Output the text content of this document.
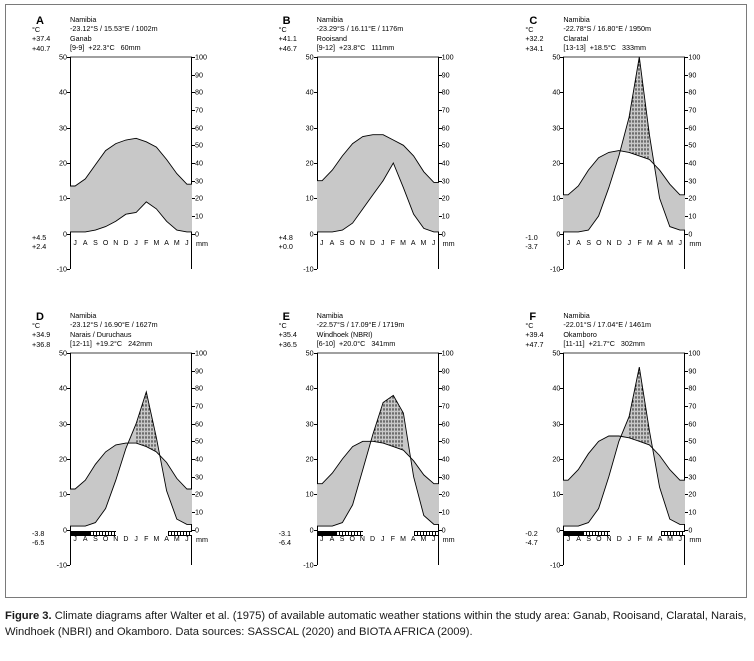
A	Namibia
-23.12°S / 15.53°E / 1002m
Ganab
[9-9] +22.3°C 60mm
°C
+37.4
+40.7
50
40
30
20
10
0
-10
100
90
80
70
60
50
40
30
20
10
0
J A S O N D J F M A M J mm
+4.5
+2.4
B	Namibia
-23.29°S / 16.11°E / 1176m
Rooisand
[9-12] +23.8°C 111mm
°C
+41.1
+46.7
50
40
30
20
10
0
-10
100
90
80
70
60
50
40
30
20
10
0
J A S O N D J F M A M J mm
+4.8
+0.0
C	Namibia
-22.78°S / 16.80°E / 1950m
Claratal
[13-13] +18.5°C 333mm
°C
+32.2
+34.1
50
40
30
20
10
0
-10
100
90
80
70
60
50
40
30
20
10
0
J A S O N D J F M A M J mm
-1.0
-3.7
D	Namibia
-23.12°S / 16.90°E / 1627m
Narais / Duruchaus
[12-11] +19.2°C 242mm
°C
+34.9
+36.8
50
40
30
20
10
0
-10
100
90
80
70
60
50
40
30
20
10
0
J A S O N D J F M A M J mm
-3.8
-6.5
E	Namibia
-22.57°S / 17.09°E / 1719m
Windhoek (NBRI)
[6-10] +20.0°C 341mm
°C
+35.4
+36.5
50
40
30
20
10
0
-10
100
90
80
70
60
50
40
30
20
10
0
J A S O N D J F M A M J mm
-3.1
-6.4
F	Namibia
-22.01°S / 17.04°E / 1461m
Okamboro
[11-11] +21.7°C 302mm
°C
+39.4
+47.7
50
40
30
20
10
0
-10
100
90
80
70
60
50
40
30
20
10
0
J A S O N D J F M A M J mm
-0.2
-4.7
Figure 3. Climate diagrams after Walter et al. (1975) of available automatic weather stations within the study area: Ganab, Rooisand, Claratal, Narais, Windhoek (NBRI) and Okamboro. Data sources: SASSCAL (2020) and BIOTA AFRICA (2009).
